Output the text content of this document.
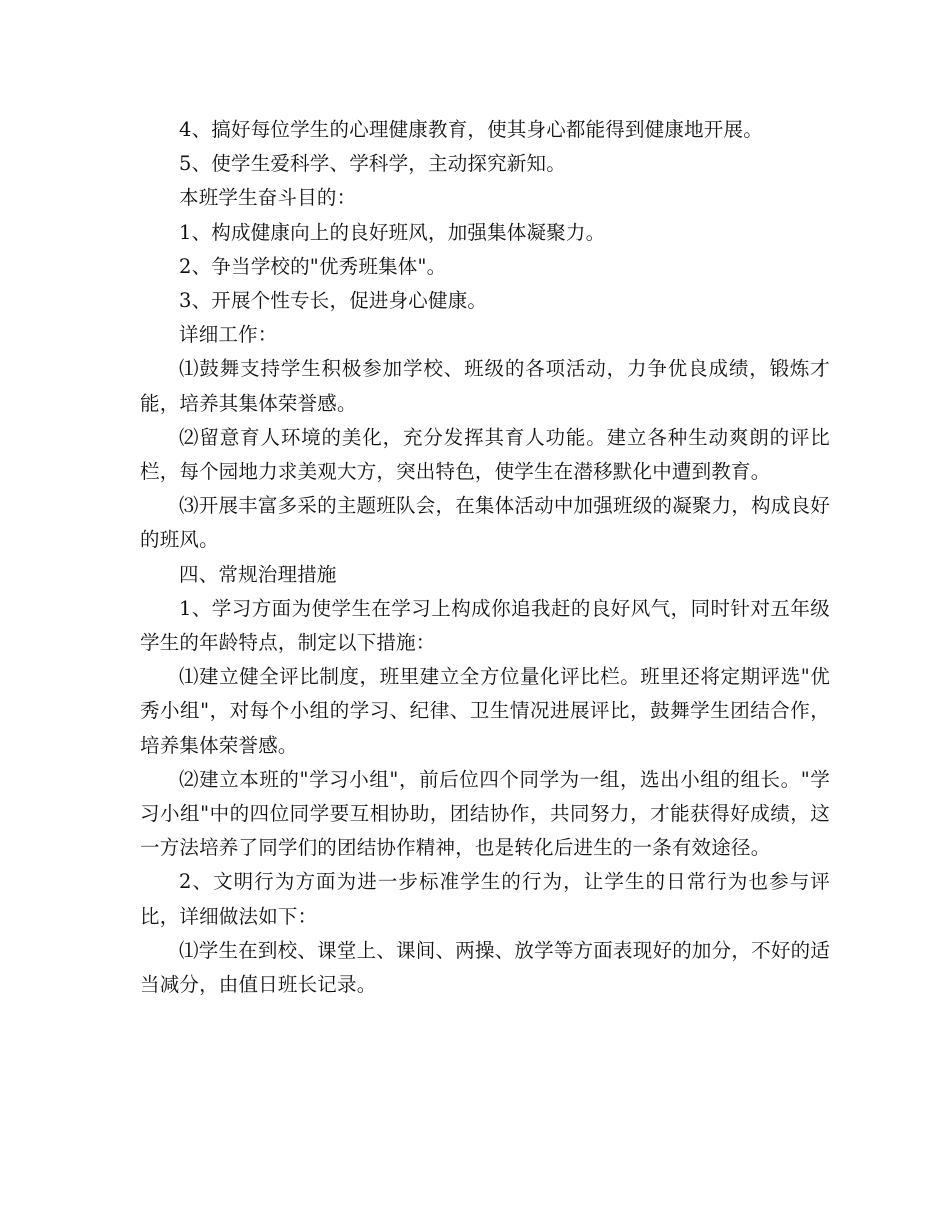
4、搞好每位学生的心理健康教育，使其身心都能得到健康地开展。

5、使学生爱科学、学科学，主动探究新知。

本班学生奋斗目的：

1、构成健康向上的良好班风，加强集体凝聚力。

2、争当学校的"优秀班集体"。

3、开展个性专长，促进身心健康。

详细工作：

⑴鼓舞支持学生积极参加学校、班级的各项活动，力争优良成绩，锻炼才能，培养其集体荣誉感。

⑵留意育人环境的美化，充分发挥其育人功能。建立各种生动爽朗的评比栏，每个园地力求美观大方，突出特色，使学生在潜移默化中遭到教育。

⑶开展丰富多采的主题班队会，在集体活动中加强班级的凝聚力，构成良好的班风。

四、常规治理措施

1、学习方面为使学生在学习上构成你追我赶的良好风气，同时针对五年级学生的年龄特点，制定以下措施：

⑴建立健全评比制度，班里建立全方位量化评比栏。班里还将定期评选"优秀小组"，对每个小组的学习、纪律、卫生情况进展评比，鼓舞学生团结合作，培养集体荣誉感。

⑵建立本班的"学习小组"，前后位四个同学为一组，选出小组的组长。"学习小组"中的四位同学要互相协助，团结协作，共同努力，才能获得好成绩，这一方法培养了同学们的团结协作精神，也是转化后进生的一条有效途径。

2、文明行为方面为进一步标准学生的行为，让学生的日常行为也参与评比，详细做法如下：

⑴学生在到校、课堂上、课间、两操、放学等方面表现好的加分，不好的适当减分，由值日班长记录。
